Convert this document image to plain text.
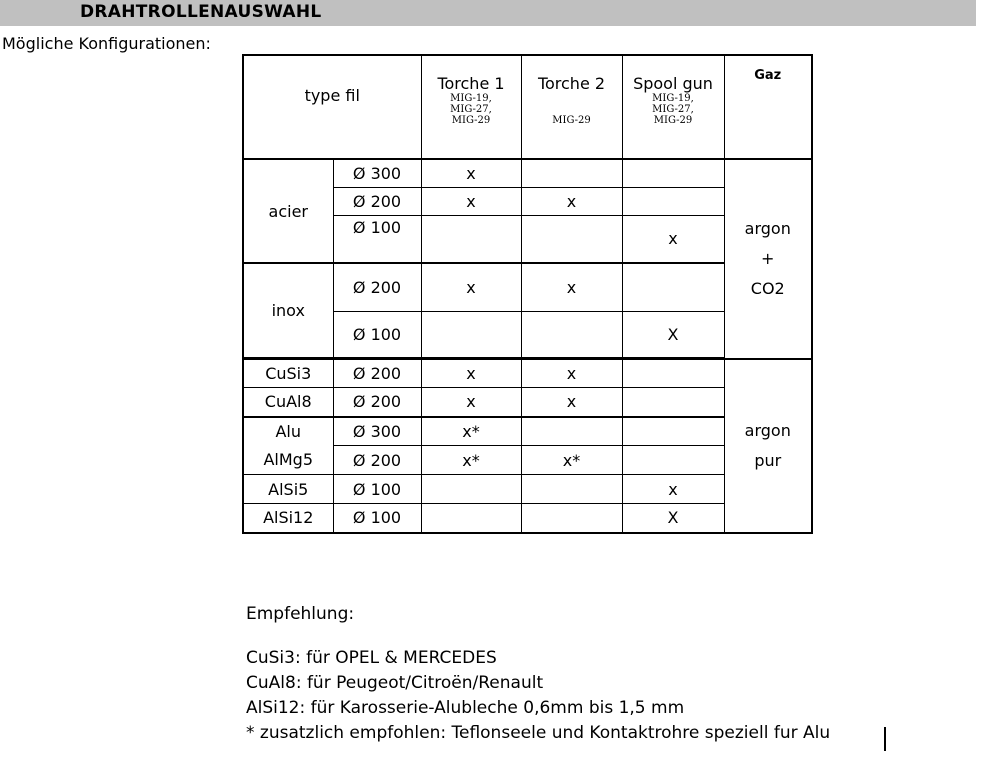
DRAHTROLLENAUSWAHL
Mögliche Konfigurationen:
type fil		Torche 1
MIG-19,
MIG-27,
MIG-29	Torche 2
MIG-29	Spool gun
MIG-19,
MIG-27,
MIG-29	Gaz
acier	Ø 300	x			argon
+
CO2
	Ø 200	x	x		
	Ø 100			x	
inox	Ø 200	x	x		
	Ø 100			X	

CuSi3	Ø 200	x	x		argon
pur
CuAl8	Ø 200	x	x		
Alu	Ø 300	x*			
AlMg5	Ø 200	x*	x*		
AlSi5	Ø 100			x	
AlSi12	Ø 100			X	
Empfehlung:
CuSi3: für OPEL & MERCEDES
CuAl8: für Peugeot/Citroën/Renault
AlSi12: für Karosserie-Alubleche 0,6mm bis 1,5 mm
* zusatzlich empfohlen: Teflonseele und Kontaktrohre speziell fur Alu
